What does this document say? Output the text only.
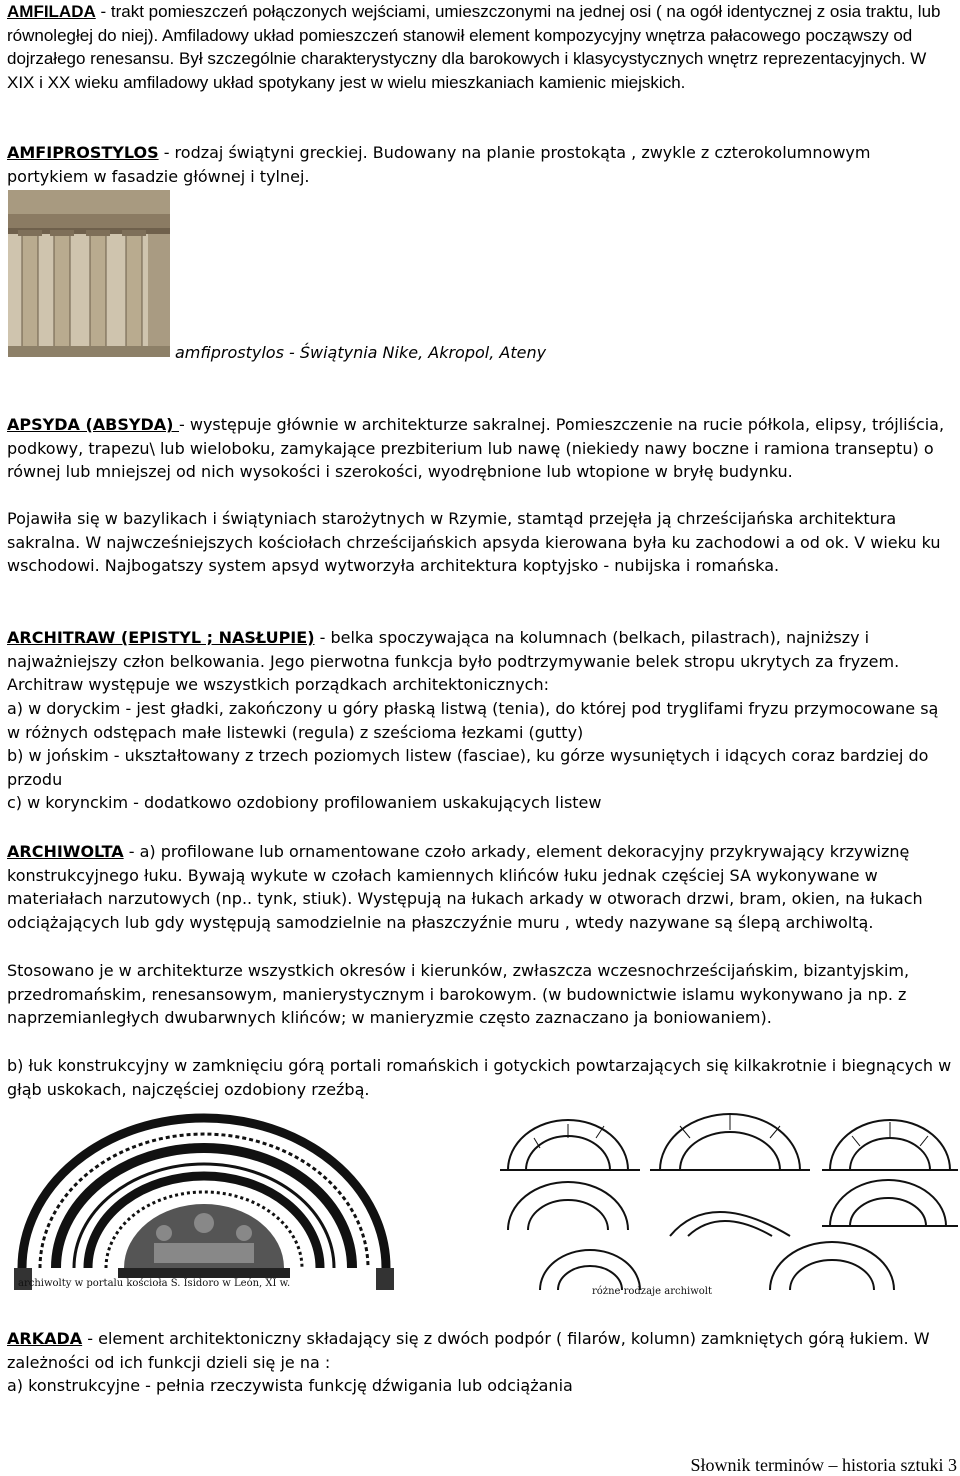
AMFILADA - trakt pomieszczeń połączonych wejściami, umieszczonymi na jednej osi ( na ogół identycznej z osia traktu, lub równoległej do niej). Amfiladowy układ pomieszczeń stanowił element kompozycyjny wnętrza pałacowego począwszy od dojrzałego renesansu. Był szczególnie charakterystyczny dla barokowych i klasycystycznych wnętrz reprezentacyjnych. W XIX i XX wieku amfiladowy układ spotykany jest w wielu mieszkaniach kamienic miejskich.

AMFIPROSTYLOS - rodzaj świątyni greckiej. Budowany na planie prostokąta , zwykle z czterokolumnowym portykiem w fasadzie głównej i tylnej.

amfiprostylos - Świątynia Nike, Akropol, Ateny

APSYDA (ABSYDA) - występuje głównie w architekturze sakralnej. Pomieszczenie na rucie półkola, elipsy, trójliścia, podkowy, trapezu\ lub wieloboku, zamykające prezbiterium lub nawę (niekiedy nawy boczne i ramiona transeptu) o równej lub mniejszej od nich wysokości i szerokości, wyodrębnione lub wtopione w bryłę budynku.

Pojawiła się w bazylikach i świątyniach starożytnych w Rzymie, stamtąd przejęła ją chrześcijańska architektura sakralna. W najwcześniejszych kościołach chrześcijańskich apsyda kierowana była ku zachodowi a od ok. V wieku ku wschodowi. Najbogatszy system apsyd wytworzyła architektura koptyjsko - nubijska i romańska.

ARCHITRAW (EPISTYL ; NASŁUPIE) - belka spoczywająca na kolumnach (belkach, pilastrach), najniższy i najważniejszy człon belkowania. Jego pierwotna funkcja było podtrzymywanie belek stropu ukrytych za fryzem. Architraw występuje we wszystkich porządkach architektonicznych:

a) w doryckim - jest gładki, zakończony u góry płaską listwą (tenia), do której pod tryglifami fryzu przymocowane są w różnych odstępach małe listewki (regula) z sześcioma łezkami (gutty)

b) w jońskim - ukształtowany z trzech poziomych listew (fasciae), ku górze wysuniętych i idących coraz bardziej do przodu

c) w korynckim - dodatkowo ozdobiony profilowaniem uskakujących listew

ARCHIWOLTA - a) profilowane lub ornamentowane czoło arkady, element dekoracyjny przykrywający krzywiznę konstrukcyjnego łuku. Bywają wykute w czołach kamiennych klińców łuku jednak częściej SA wykonywane w materiałach narzutowych (np.. tynk, stiuk). Występują na łukach arkady w otworach drzwi, bram, okien, na łukach odciążających lub gdy występują samodzielnie na płaszczyźnie muru , wtedy nazywane są ślepą archiwoltą.

Stosowano je w architekturze wszystkich okresów i kierunków, zwłaszcza wczesnochrześcijańskim, bizantyjskim, przedromańskim, renesansowym, manierystycznym i barokowym. (w budownictwie islamu wykonywano ja np. z naprzemianległych dwubarwnych klińców; w manieryzmie często zaznaczano ja boniowaniem).

b) łuk konstrukcyjny w zamknięciu górą portali romańskich i gotyckich powtarzających się kilkakrotnie i biegnących w głąb uskokach, najczęściej ozdobiony rzeźbą.

archiwolty w portalu kościoła S. Isidoro w León, XI w.
różne rodzaje archiwolt

ARKADA - element architektoniczny składający się z dwóch podpór ( filarów, kolumn) zamkniętych górą łukiem. W zależności od ich funkcji dzieli się je na :

a) konstrukcyjne - pełnia rzeczywista funkcję dźwigania lub odciążania

Słownik terminów – historia sztuki 3
